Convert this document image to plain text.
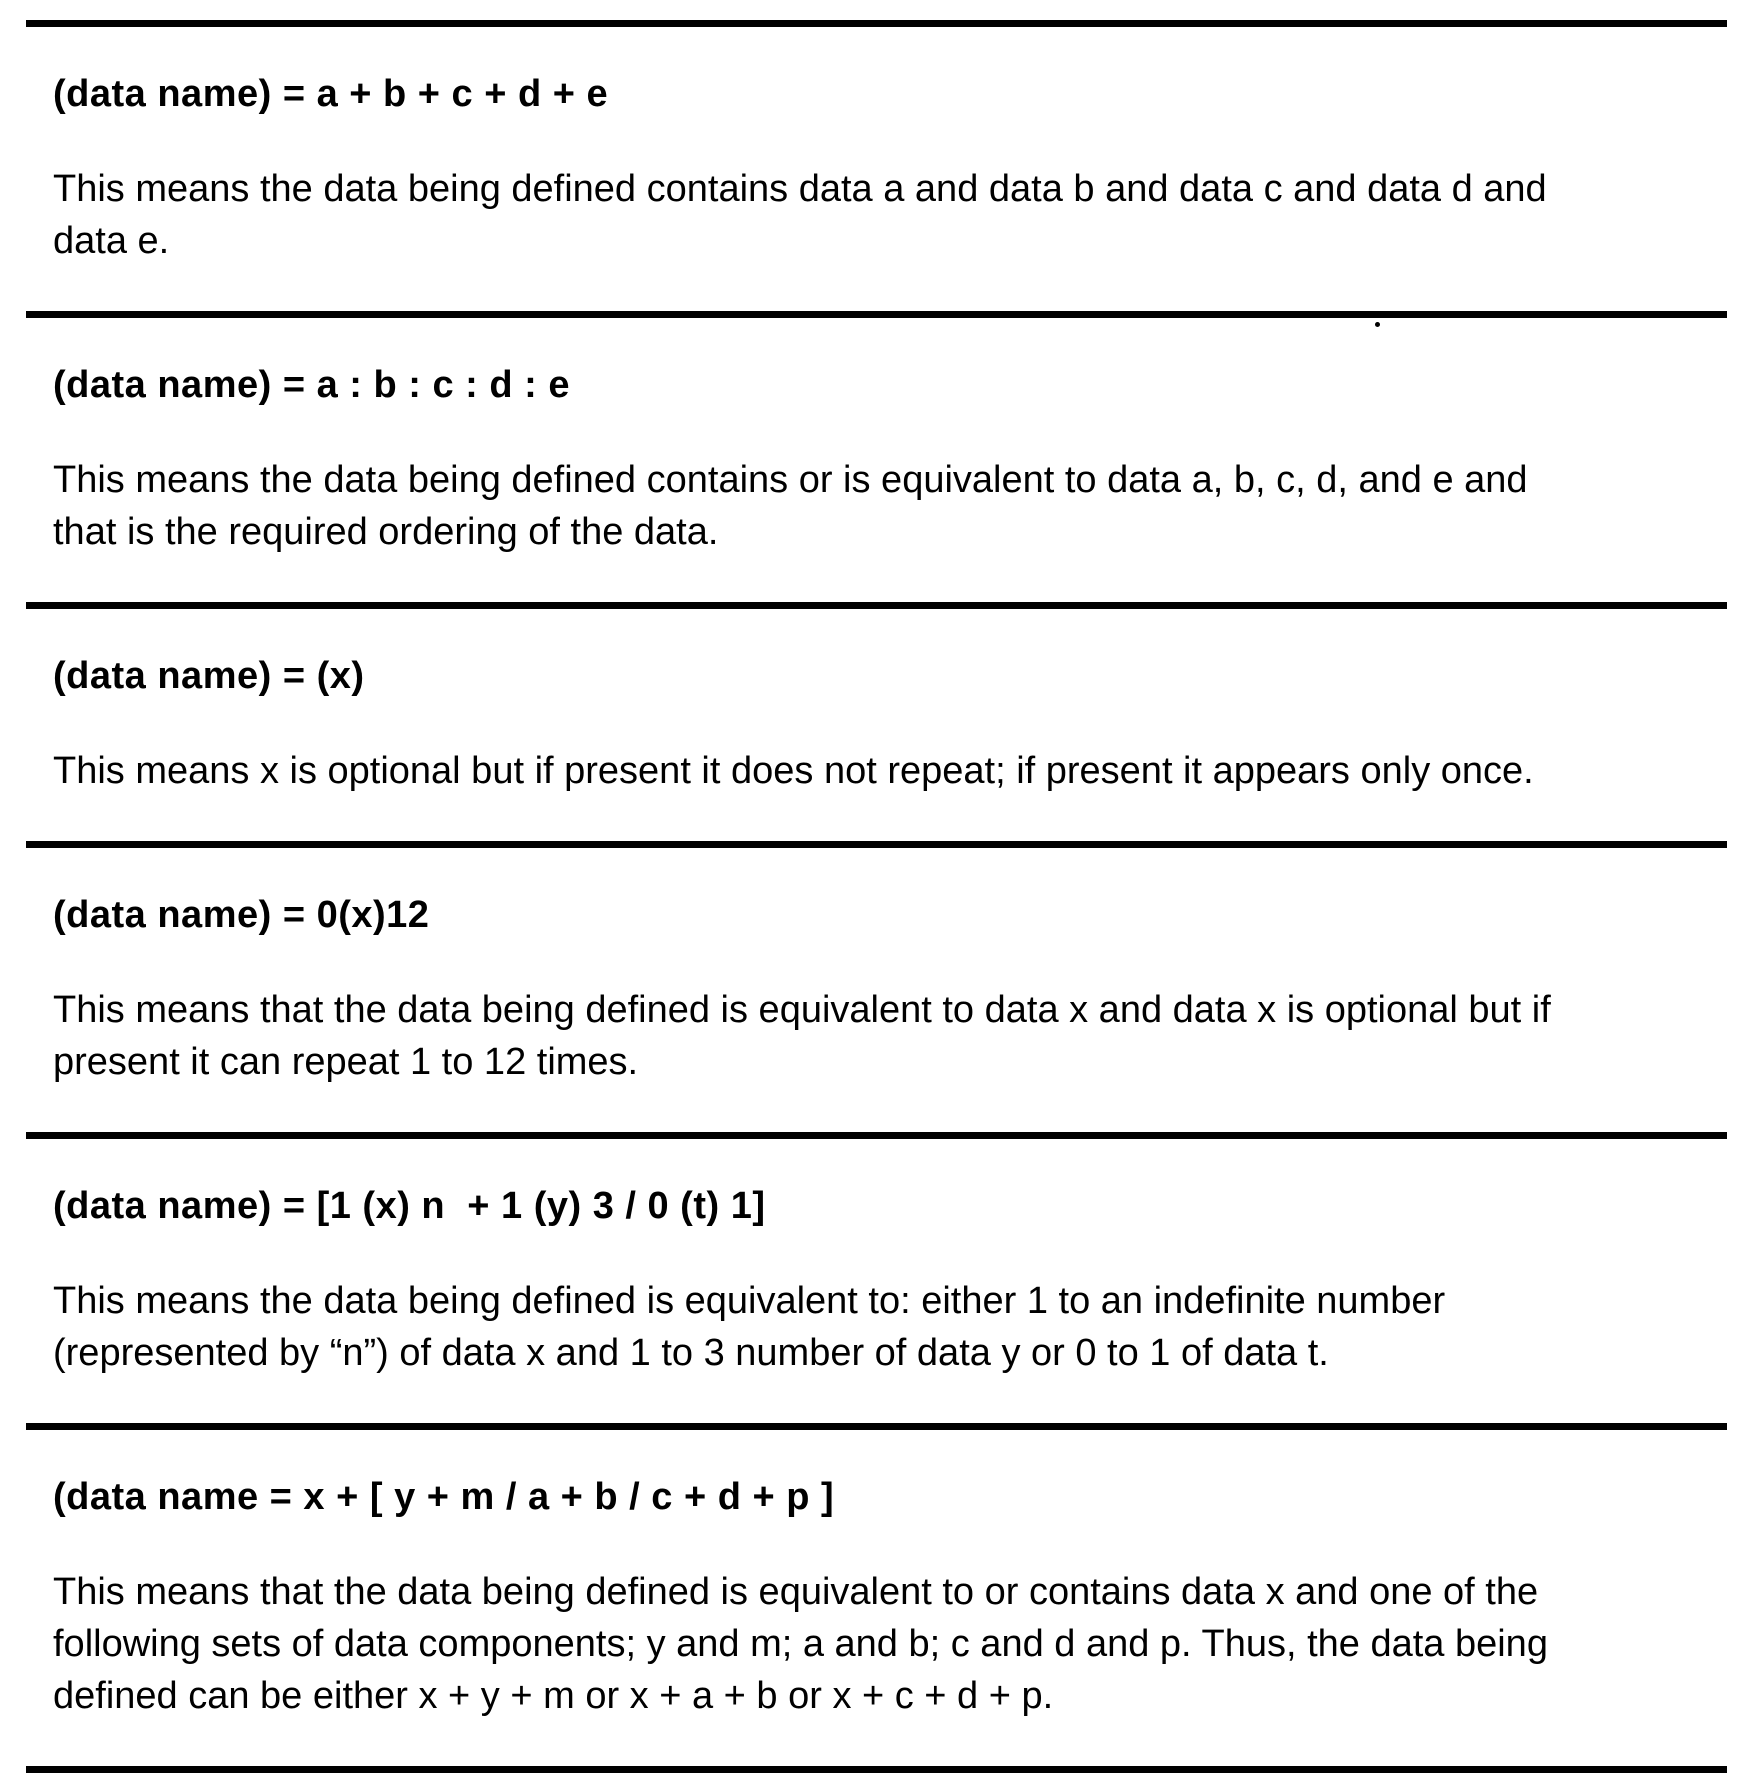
(data name) = a + b + c + d + e
This means the data being defined contains data a and data b and data c and data d and
data e.
(data name) = a : b : c : d : e
This means the data being defined contains or is equivalent to data a, b, c, d, and e and
that is the required ordering of the data.
(data name) = (x)
This means x is optional but if present it does not repeat; if present it appears only once.
(data name) = 0(x)12
This means that the data being defined is equivalent to data x and data x is optional but if
present it can repeat 1 to 12 times.
(data name) = [1 (x) n  + 1 (y) 3 / 0 (t) 1]
This means the data being defined is equivalent to: either 1 to an indefinite number
(represented by “n”) of data x and 1 to 3 number of data y or 0 to 1 of data t.
(data name = x + [ y + m / a + b / c + d + p ]
This means that the data being defined is equivalent to or contains data x and one of the
following sets of data components; y and m; a and b; c and d and p. Thus, the data being
defined can be either x + y + m or x + a + b or x + c + d + p.
